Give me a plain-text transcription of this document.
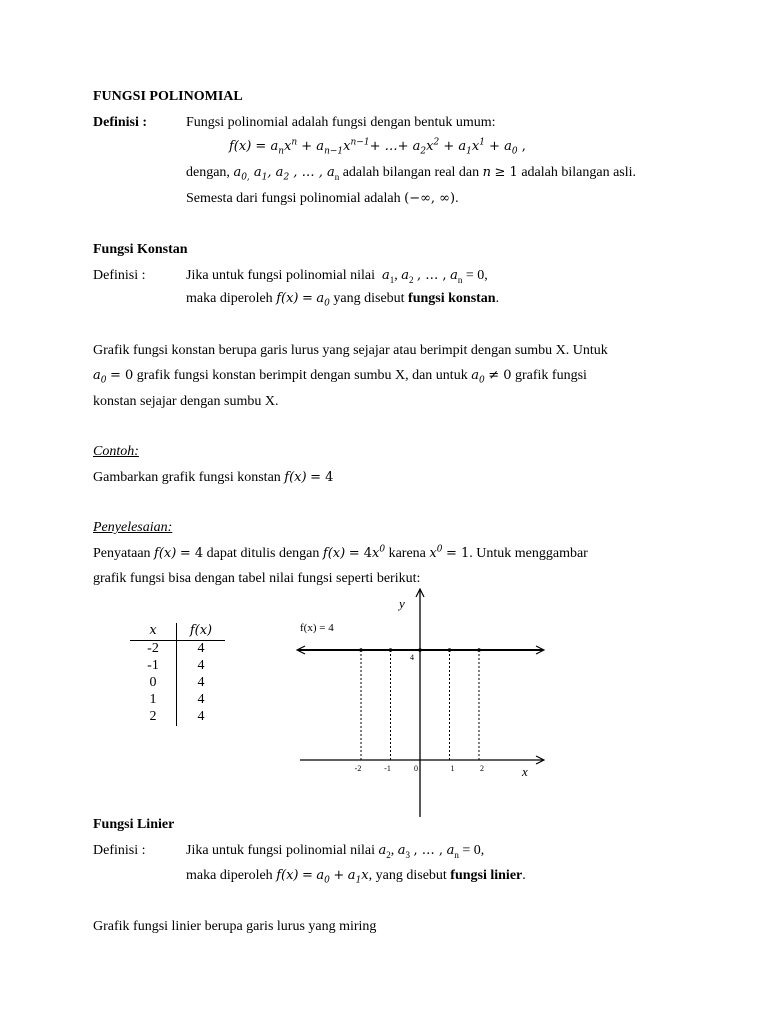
FUNGSI POLINOMIAL
Definisi :	Fungsi polinomial adalah fungsi dengan bentuk umum:
$f(x) = a_nx^n + a_{n-1}x^{n-1}+$ …+ $a_2x^2 + a_1x^1 + a_0$ ,
dengan, $a_{0,}$ $a_1$, $a_2$ , … , $a_n$ adalah bilangan real dan n ≥ 1 adalah bilangan asli.
Semesta dari fungsi polinomial adalah (−∞, ∞).
Fungsi Konstan
Definisi :	Jika untuk fungsi polinomial nilai $a_1$, $a_2$ , … , $a_n = 0$,
maka diperoleh $f(x) = a_0$ yang disebut fungsi konstan.
Grafik fungsi konstan berupa garis lurus yang sejajar atau berimpit dengan sumbu X. Untuk
$a_0 = 0$ grafik fungsi konstan berimpit dengan sumbu X, dan untuk $a_0 \ne 0$ grafik fungsi
konstan sejajar dengan sumbu X.
Contoh:
Gambarkan grafik fungsi konstan f(x) = 4
Penyelesaian:
Penyataan f(x) = 4 dapat ditulis dengan $f(x) = 4x^0$ karena $x^0 = 1$. Untuk menggambar
grafik fungsi bisa dengan tabel nilai fungsi seperti berikut:
x	f(x)
-2	4
-1	4
0	4
1	4
2	4
-2	-1	0	1	2
4
x
y
f(x) = 4
Fungsi Linier
Definisi :	Jika untuk fungsi polinomial nilai $a_2$, $a_3$ , … , $a_n = 0$,
maka diperoleh $f(x) = a_0 + a_1x$, yang disebut fungsi linier.
Grafik fungsi linier berupa garis lurus yang miring
